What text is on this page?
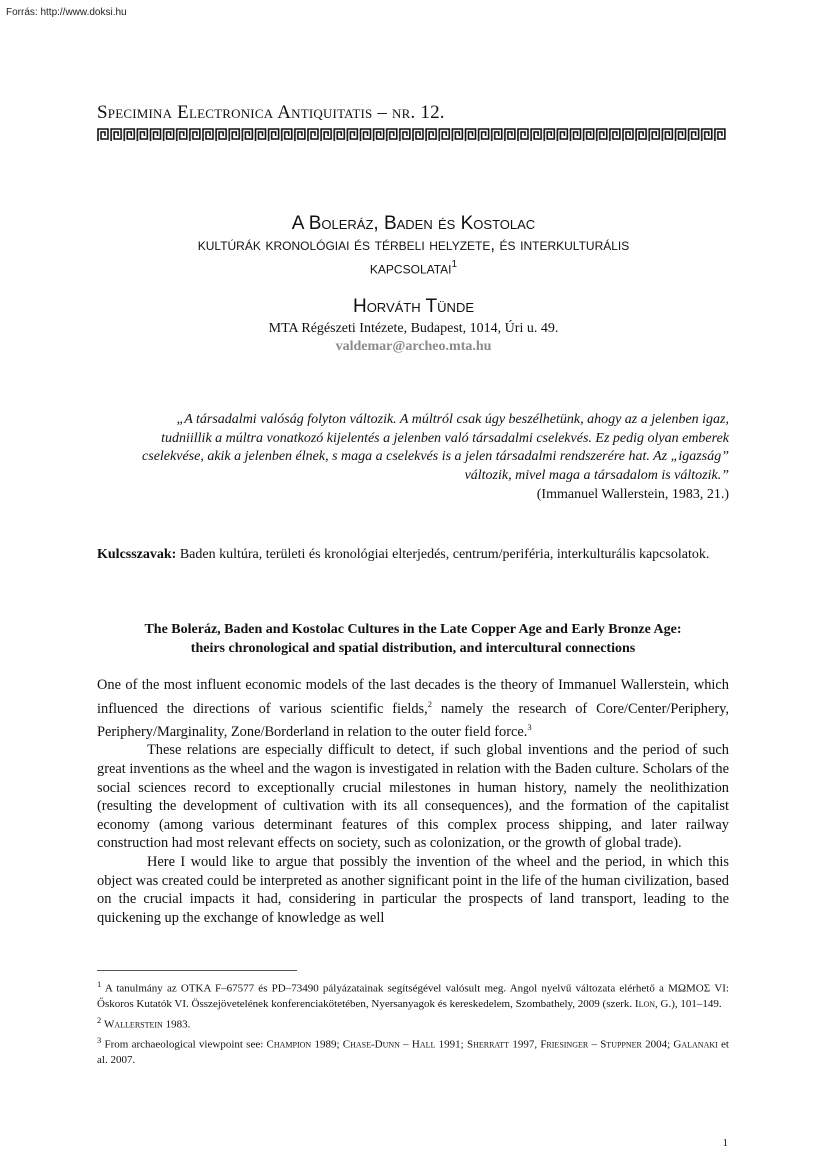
Forrás: http://www.doksi.hu
Specimina Electronica Antiquitatis – nr. 12.
A Boleráz, Baden és Kostolac
kultúrák kronológiai és térbeli helyzete, és interkulturális
kapcsolatai$^1$
Horváth Tünde
MTA Régészeti Intézete, Budapest, 1014, Úri u. 49.
valdemar@archeo.mta.hu
„A társadalmi valóság folyton változik. A múltról csak úgy beszélhetünk, ahogy az a jelenben igaz,
tudniillik a múltra vonatkozó kijelentés a jelenben való társadalmi cselekvés. Ez pedig olyan emberek
cselekvése, akik a jelenben élnek, s maga a cselekvés is a jelen társadalmi rendszerére hat. Az „igazság”
változik, mivel maga a társadalom is változik.”
(Immanuel Wallerstein, 1983, 21.)
Kulcsszavak: Baden kultúra, területi és kronológiai elterjedés, centrum/periféria, interkulturális kapcsolatok.
The Boleráz, Baden and Kostolac Cultures in the Late Copper Age and Early Bronze Age:
theirs chronological and spatial distribution, and intercultural connections

One of the most influent economic models of the last decades is the theory of Immanuel Wallerstein, which influenced the directions of various scientific fields,$^2$ namely the research of Core/Center/Periphery, Periphery/Marginality, Zone/Borderland in relation to the outer field force.$^3$

These relations are especially difficult to detect, if such global inventions and the period of such great inventions as the wheel and the wagon is investigated in relation with the Baden culture. Scholars of the social sciences record to exceptionally crucial milestones in human history, namely the neolithization (resulting the development of cultivation with its all consequences), and the formation of the capitalist economy (among various determinant features of this complex process shipping, and later railway construction had most relevant effects on society, such as colonization, or the growth of global trade).

Here I would like to argue that possibly the invention of the wheel and the period, in which this object was created could be interpreted as another significant point in the life of the human civilization, based on the crucial impacts it had, considering in particular the prospects of land transport, leading to the quickening up the exchange of knowledge as well

$^1$ A tanulmány az OTKA F–67577 és PD–73490 pályázatainak segítségével valósult meg. Angol nyelvű változata elérhető a ΜΩΜΟΣ VI: Őskoros Kutatók VI. Összejövetelének konferenciakötetében, Nyersanyagok és kereskedelem, Szombathely, 2009 (szerk. Ilon, G.), 101–149.

$^2$ Wallerstein 1983.

$^3$ From archaeological viewpoint see: Champion 1989; Chase-Dunn – Hall 1991; Sherratt 1997, Friesinger – Stuppner 2004; Galanaki et al. 2007.

1
